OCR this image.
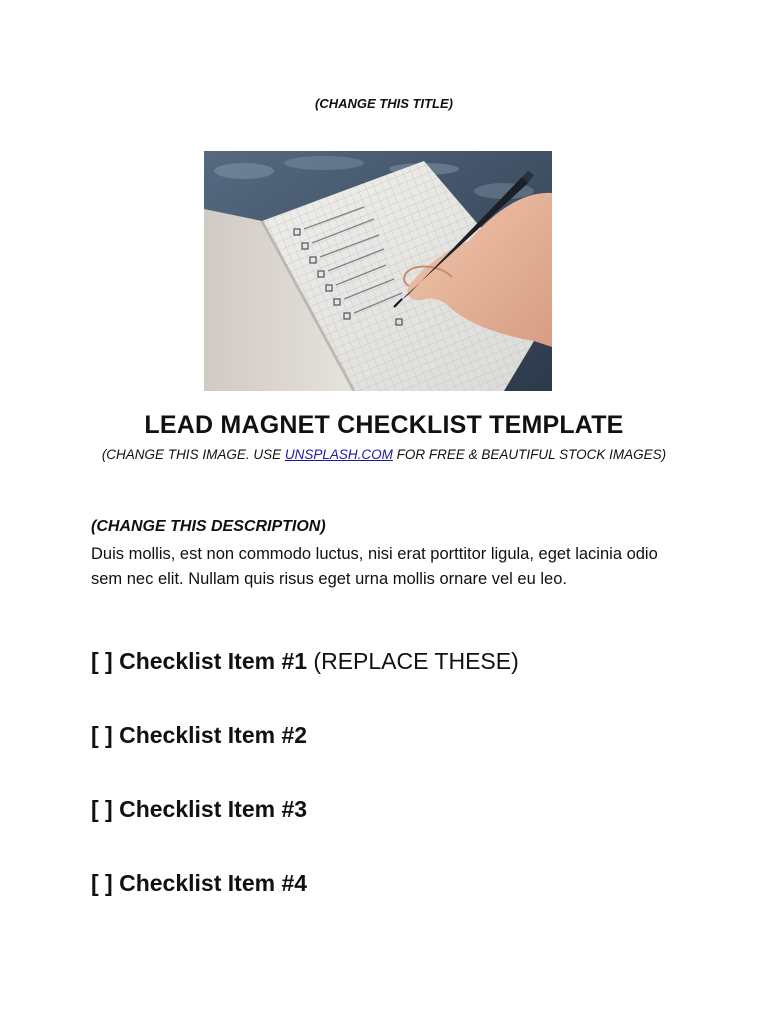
(CHANGE THIS TITLE)
LEAD MAGNET CHECKLIST TEMPLATE
(CHANGE THIS IMAGE. USE UNSPLASH.COM FOR FREE & BEAUTIFUL STOCK IMAGES)
(CHANGE THIS DESCRIPTION)
Duis mollis, est non commodo luctus, nisi erat porttitor ligula, eget lacinia odio sem nec elit. Nullam quis risus eget urna mollis ornare vel eu leo.
[ ] Checklist Item #1 (REPLACE THESE)
[ ] Checklist Item #2
[ ] Checklist Item #3
[ ] Checklist Item #4
